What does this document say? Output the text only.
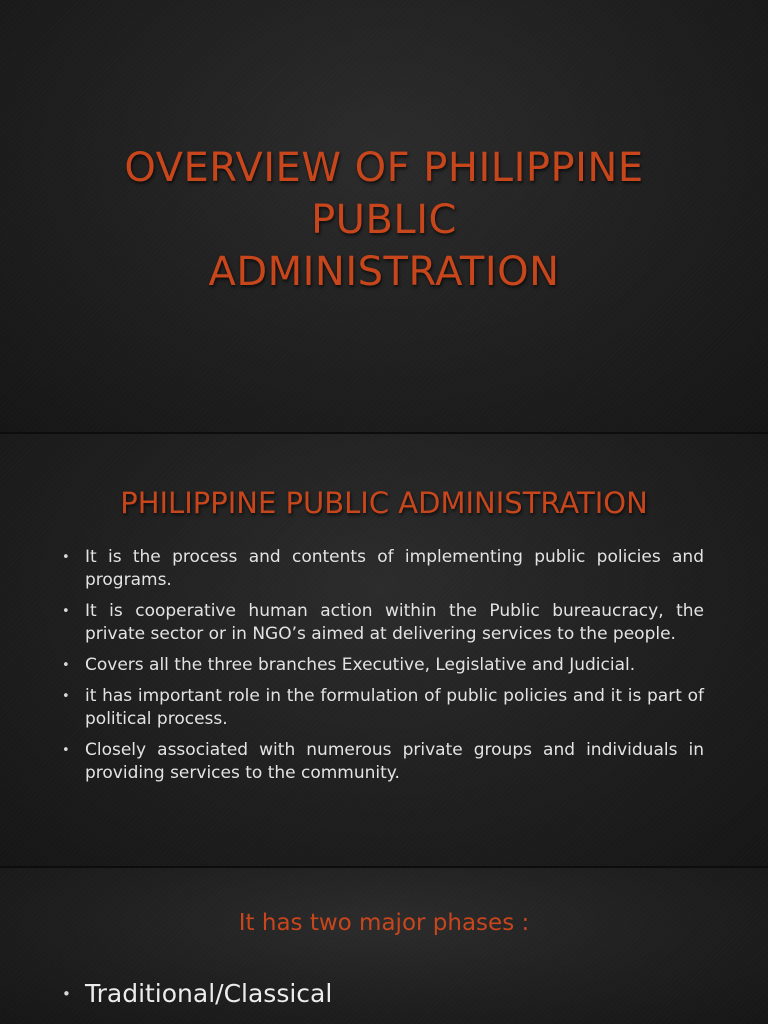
OVERVIEW OF PHILIPPINE
PUBLIC
ADMINISTRATION
PHILIPPINE PUBLIC ADMINISTRATION
• It is the process and contents of implementing public policies and programs.
• It is cooperative human action within the Public bureaucracy, the private sector or in NGO’s aimed at delivering services to the people.
• Covers all the three branches Executive, Legislative and Judicial.
• it has important role in the formulation of public policies and it is part of political process.
• Closely associated with numerous private groups and individuals in providing services to the community.
It has two major phases :
• Traditional/Classical
